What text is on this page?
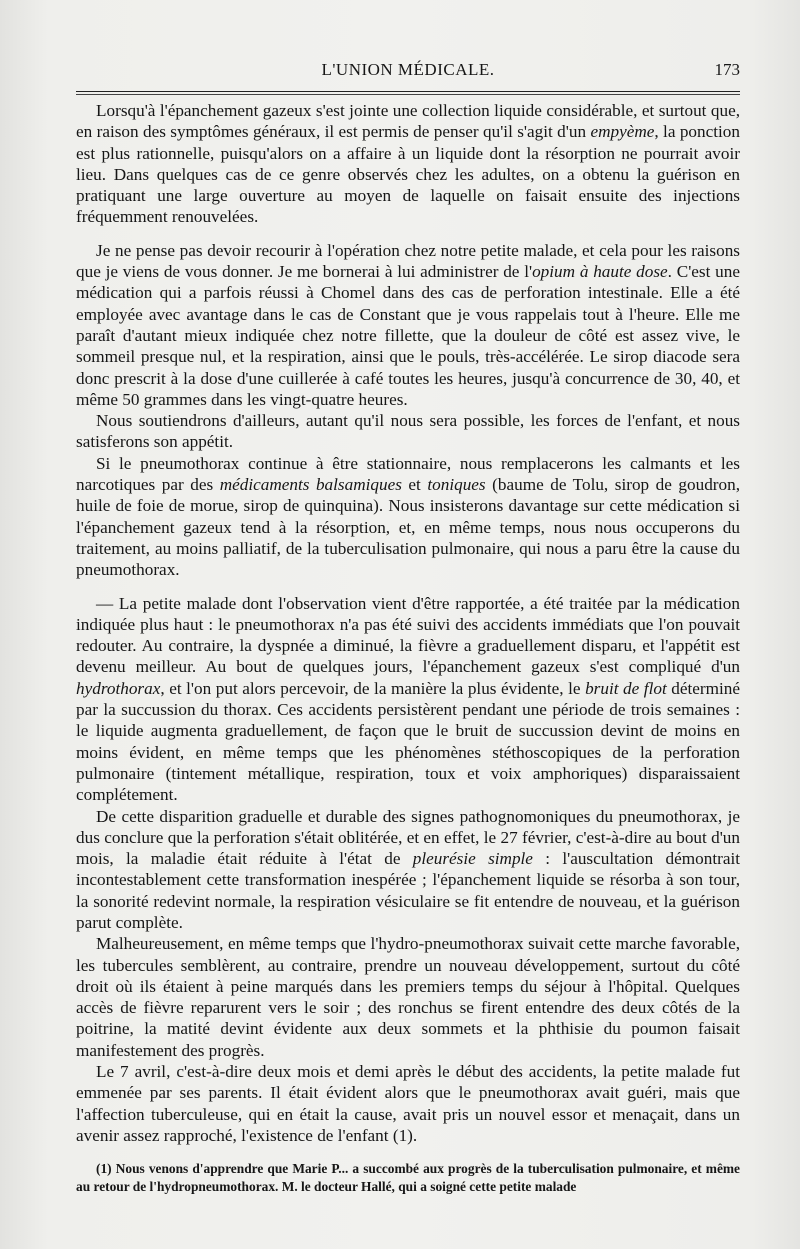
L'UNION MÉDICALE.	173

Lorsqu'à l'épanchement gazeux s'est jointe une collection liquide considérable, et surtout que, en raison des symptômes généraux, il est permis de penser qu'il s'agit d'un empyème, la ponction est plus rationnelle, puisqu'alors on a affaire à un liquide dont la résorption ne pourrait avoir lieu. Dans quelques cas de ce genre observés chez les adultes, on a obtenu la guérison en pratiquant une large ouverture au moyen de laquelle on faisait ensuite des injections fréquemment renouvelées.

Je ne pense pas devoir recourir à l'opération chez notre petite malade, et cela pour les raisons que je viens de vous donner. Je me bornerai à lui administrer de l'opium à haute dose. C'est une médication qui a parfois réussi à Chomel dans des cas de perforation intestinale. Elle a été employée avec avantage dans le cas de Constant que je vous rappelais tout à l'heure. Elle me paraît d'autant mieux indiquée chez notre fillette, que la douleur de côté est assez vive, le sommeil presque nul, et la respiration, ainsi que le pouls, très-accélérée. Le sirop diacode sera donc prescrit à la dose d'une cuillerée à café toutes les heures, jusqu'à concurrence de 30, 40, et même 50 grammes dans les vingt-quatre heures.

Nous soutiendrons d'ailleurs, autant qu'il nous sera possible, les forces de l'enfant, et nous satisferons son appétit.

Si le pneumothorax continue à être stationnaire, nous remplacerons les calmants et les narcotiques par des médicaments balsamiques et toniques (baume de Tolu, sirop de goudron, huile de foie de morue, sirop de quinquina). Nous insisterons davantage sur cette médication si l'épanchement gazeux tend à la résorption, et, en même temps, nous nous occuperons du traitement, au moins palliatif, de la tuberculisation pulmonaire, qui nous a paru être la cause du pneumothorax.

— La petite malade dont l'observation vient d'être rapportée, a été traitée par la médication indiquée plus haut : le pneumothorax n'a pas été suivi des accidents immédiats que l'on pouvait redouter. Au contraire, la dyspnée a diminué, la fièvre a graduellement disparu, et l'appétit est devenu meilleur. Au bout de quelques jours, l'épanchement gazeux s'est compliqué d'un hydrothorax, et l'on put alors percevoir, de la manière la plus évidente, le bruit de flot déterminé par la succussion du thorax. Ces accidents persistèrent pendant une période de trois semaines : le liquide augmenta graduellement, de façon que le bruit de succussion devint de moins en moins évident, en même temps que les phénomènes stéthoscopiques de la perforation pulmonaire (tintement métallique, respiration, toux et voix amphoriques) disparaissaient complétement.

De cette disparition graduelle et durable des signes pathognomoniques du pneumothorax, je dus conclure que la perforation s'était oblitérée, et en effet, le 27 février, c'est-à-dire au bout d'un mois, la maladie était réduite à l'état de pleurésie simple : l'auscultation démontrait incontestablement cette transformation inespérée ; l'épanchement liquide se résorba à son tour, la sonorité redevint normale, la respiration vésiculaire se fit entendre de nouveau, et la guérison parut complète.

Malheureusement, en même temps que l'hydro-pneumothorax suivait cette marche favorable, les tubercules semblèrent, au contraire, prendre un nouveau développement, surtout du côté droit où ils étaient à peine marqués dans les premiers temps du séjour à l'hôpital. Quelques accès de fièvre reparurent vers le soir ; des ronchus se firent entendre des deux côtés de la poitrine, la matité devint évidente aux deux sommets et la phthisie du poumon faisait manifestement des progrès.

Le 7 avril, c'est-à-dire deux mois et demi après le début des accidents, la petite malade fut emmenée par ses parents. Il était évident alors que le pneumothorax avait guéri, mais que l'affection tuberculeuse, qui en était la cause, avait pris un nouvel essor et menaçait, dans un avenir assez rapproché, l'existence de l'enfant (1).

(1) Nous venons d'apprendre que Marie P... a succombé aux progrès de la tuberculisation pulmonaire, et même au retour de l'hydropneumothorax. M. le docteur Hallé, qui a soigné cette petite malade
